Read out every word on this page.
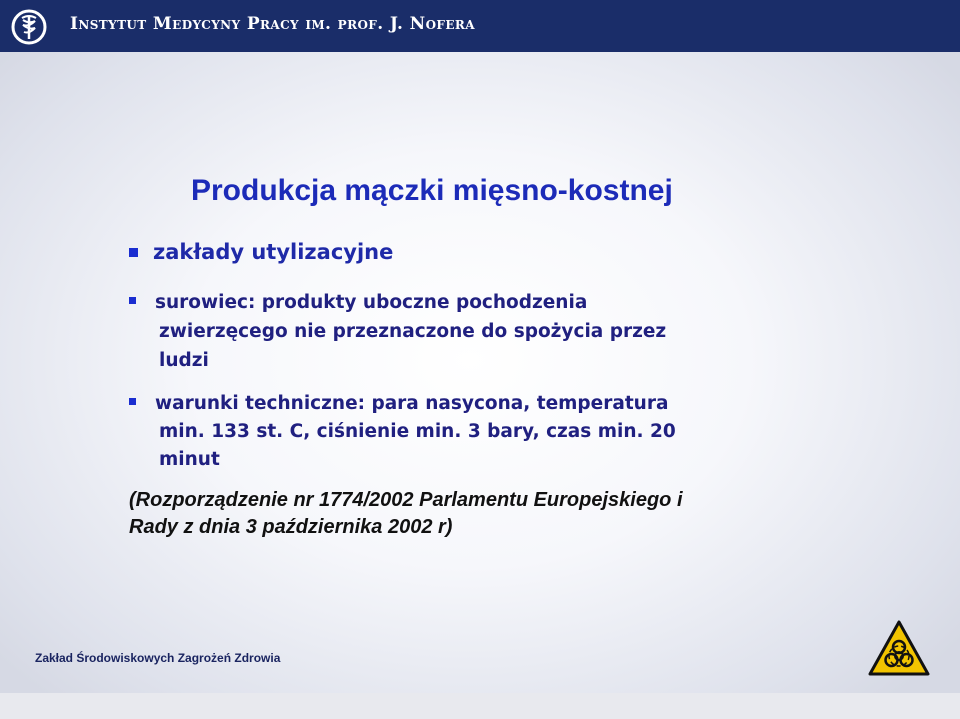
Instytut Medycyny Pracy im. prof. J. Nofera
Produkcja mączki mięsno-kostnej
zakłady utylizacyjne
surowiec: produkty uboczne pochodzenia
zwierzęcego nie przeznaczone do spożycia przez
ludzi
warunki techniczne: para nasycona, temperatura
min. 133 st. C, ciśnienie min. 3 bary, czas min. 20
minut
(Rozporządzenie nr 1774/2002 Parlamentu Europejskiego i
Rady z dnia 3 października 2002 r)
Zakład Środowiskowych Zagrożeń Zdrowia
